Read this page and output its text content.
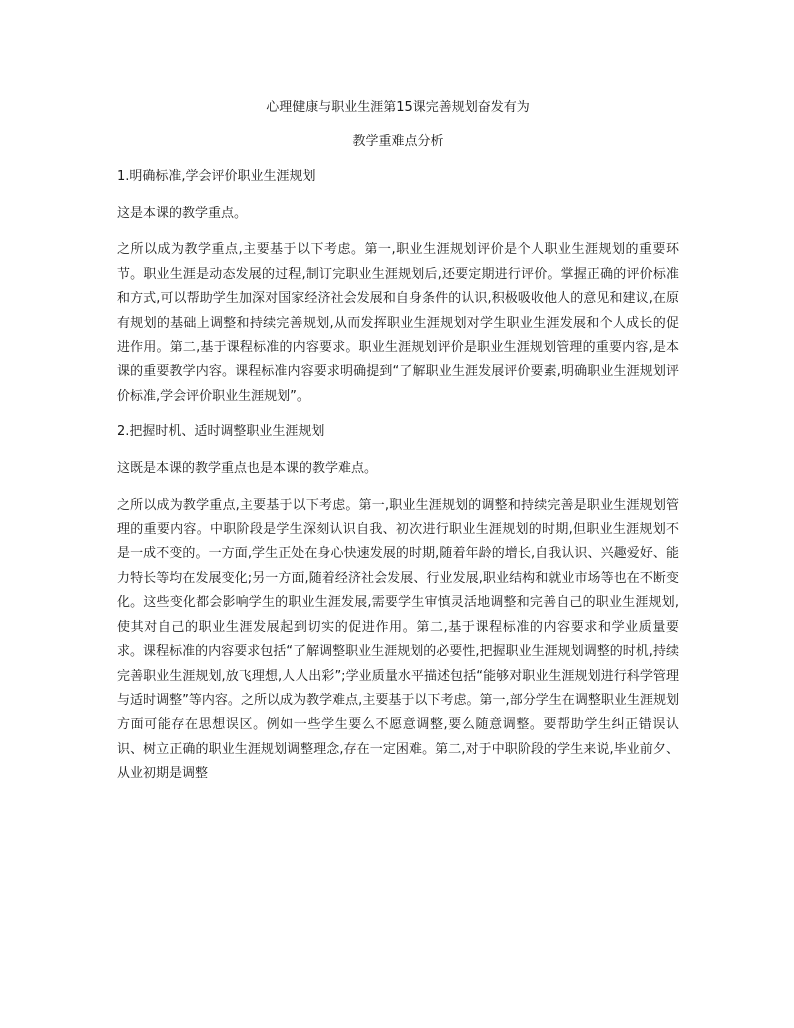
心理健康与职业生涯第15课完善规划奋发有为
教学重难点分析

1.明确标准,学会评价职业生涯规划

这是本课的教学重点。

之所以成为教学重点,主要基于以下考虑。第一,职业生涯规划评价是个人职业生涯规划的重要环节。职业生涯是动态发展的过程,制订完职业生涯规划后,还要定期进行评价。掌握正确的评价标准和方式,可以帮助学生加深对国家经济社会发展和自身条件的认识,积极吸收他人的意见和建议,在原有规划的基础上调整和持续完善规划,从而发挥职业生涯规划对学生职业生涯发展和个人成长的促进作用。第二,基于课程标准的内容要求。职业生涯规划评价是职业生涯规划管理的重要内容,是本课的重要教学内容。课程标准内容要求明确提到“了解职业生涯发展评价要素,明确职业生涯规划评价标准,学会评价职业生涯规划”。

2.把握时机、适时调整职业生涯规划

这既是本课的教学重点也是本课的教学难点。

之所以成为教学重点,主要基于以下考虑。第一,职业生涯规划的调整和持续完善是职业生涯规划管理的重要内容。中职阶段是学生深刻认识自我、初次进行职业生涯规划的时期,但职业生涯规划不是一成不变的。一方面,学生正处在身心快速发展的时期,随着年龄的增长,自我认识、兴趣爱好、能力特长等均在发展变化;另一方面,随着经济社会发展、行业发展,职业结构和就业市场等也在不断变化。这些变化都会影响学生的职业生涯发展,需要学生审慎灵活地调整和完善自己的职业生涯规划,使其对自己的职业生涯发展起到切实的促进作用。第二,基于课程标准的内容要求和学业质量要求。课程标准的内容要求包括“了解调整职业生涯规划的必要性,把握职业生涯规划调整的时机,持续完善职业生涯规划,放飞理想,人人出彩”;学业质量水平描述包括“能够对职业生涯规划进行科学管理与适时调整”等内容。之所以成为教学难点,主要基于以下考虑。第一,部分学生在调整职业生涯规划方面可能存在思想误区。例如一些学生要么不愿意调整,要么随意调整。要帮助学生纠正错误认识、树立正确的职业生涯规划调整理念,存在一定困难。第二,对于中职阶段的学生来说,毕业前夕、从业初期是调整
